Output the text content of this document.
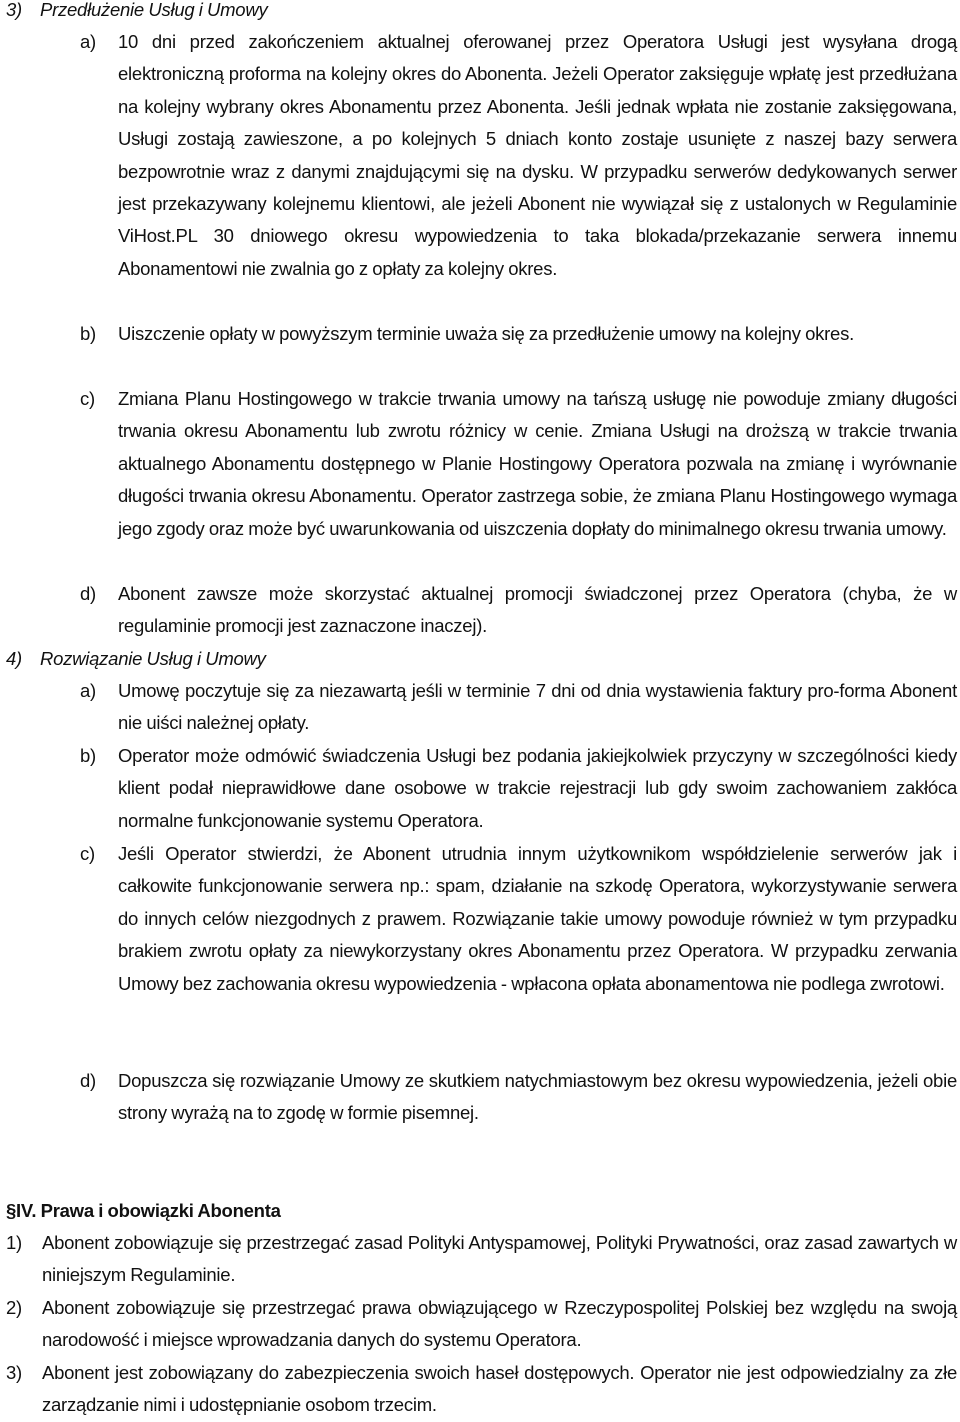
3) Przedłużenie Usług i Umowy
a) 10 dni przed zakończeniem aktualnej oferowanej przez Operatora Usługi jest wysyłana drogą elektroniczną proforma na kolejny okres do Abonenta. Jeżeli Operator zaksięguje wpłatę jest przedłużana na kolejny wybrany okres Abonamentu przez Abonenta. Jeśli jednak wpłata nie zostanie zaksięgowana, Usługi zostają zawieszone, a po kolejnych 5 dniach konto zostaje usunięte z naszej bazy serwera bezpowrotnie wraz z danymi znajdującymi się na dysku. W przypadku serwerów dedykowanych serwer jest przekazywany kolejnemu klientowi, ale jeżeli Abonent nie wywiązał się z ustalonych w Regulaminie ViHost.PL 30 dniowego okresu wypowiedzenia to taka blokada/przekazanie serwera innemu Abonamentowi nie zwalnia go z opłaty za kolejny okres.
b) Uiszczenie opłaty w powyższym terminie uważa się za przedłużenie umowy na kolejny okres.
c) Zmiana Planu Hostingowego w trakcie trwania umowy na tańszą usługę nie powoduje zmiany długości trwania okresu Abonamentu lub zwrotu różnicy w cenie. Zmiana Usługi na droższą w trakcie trwania aktualnego Abonamentu dostępnego w Planie Hostingowy Operatora pozwala na zmianę i wyrównanie długości trwania okresu Abonamentu. Operator zastrzega sobie, że zmiana Planu Hostingowego wymaga jego zgody oraz może być uwarunkowania od uiszczenia dopłaty do minimalnego okresu trwania umowy.
d) Abonent zawsze może skorzystać aktualnej promocji świadczonej przez Operatora (chyba, że w regulaminie promocji jest zaznaczone inaczej).
4) Rozwiązanie Usług i Umowy
a) Umowę poczytuje się za niezawartą jeśli w terminie 7 dni od dnia wystawienia faktury pro-forma Abonent nie uiści należnej opłaty.
b) Operator może odmówić świadczenia Usługi bez podania jakiejkolwiek przyczyny w szczególności kiedy klient podał nieprawidłowe dane osobowe w trakcie rejestracji lub gdy swoim zachowaniem zakłóca normalne funkcjonowanie systemu Operatora.
c) Jeśli Operator stwierdzi, że Abonent utrudnia innym użytkownikom współdzielenie serwerów jak i całkowite funkcjonowanie serwera np.: spam, działanie na szkodę Operatora, wykorzystywanie serwera do innych celów niezgodnych z prawem. Rozwiązanie takie umowy powoduje również w tym przypadku brakiem zwrotu opłaty za niewykorzystany okres Abonamentu przez Operatora. W przypadku zerwania Umowy bez zachowania okresu wypowiedzenia - wpłacona opłata abonamentowa nie podlega zwrotowi.
d) Dopuszcza się rozwiązanie Umowy ze skutkiem natychmiastowym bez okresu wypowiedzenia, jeżeli obie strony wyrażą na to zgodę w formie pisemnej.
§IV. Prawa i obowiązki Abonenta
1) Abonent zobowiązuje się przestrzegać zasad Polityki Antyspamowej, Polityki Prywatności, oraz zasad zawartych w niniejszym Regulaminie.
2) Abonent zobowiązuje się przestrzegać prawa obwiązującego w Rzeczypospolitej Polskiej bez względu na swoją narodowość i miejsce wprowadzania danych do systemu Operatora.
3) Abonent jest zobowiązany do zabezpieczenia swoich haseł dostępowych. Operator nie jest odpowiedzialny za złe zarządzanie nimi i udostępnianie osobom trzecim.
